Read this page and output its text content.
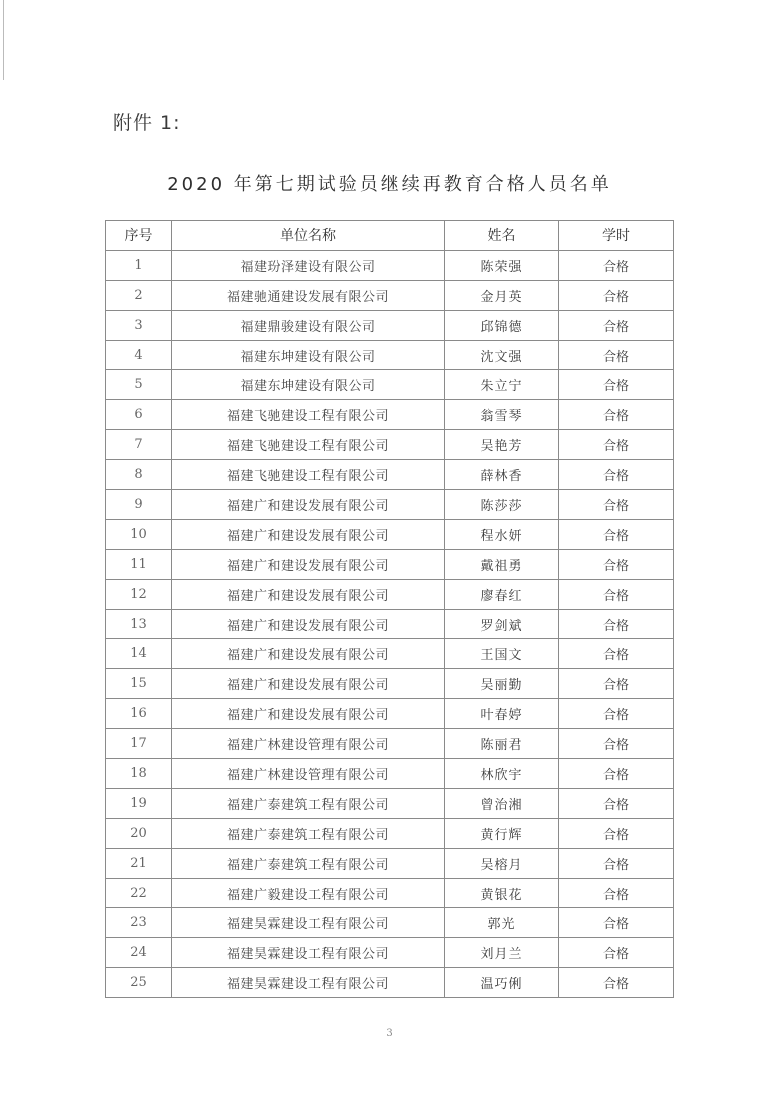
附件 1:
2020 年第七期试验员继续再教育合格人员名单
序号	单位名称	姓名	学时
1	福建玢泽建设有限公司	陈荣强	合格
2	福建驰通建设发展有限公司	金月英	合格
3	福建鼎骏建设有限公司	邱锦德	合格
4	福建东坤建设有限公司	沈文强	合格
5	福建东坤建设有限公司	朱立宁	合格
6	福建飞驰建设工程有限公司	翁雪琴	合格
7	福建飞驰建设工程有限公司	吴艳芳	合格
8	福建飞驰建设工程有限公司	薛林香	合格
9	福建广和建设发展有限公司	陈莎莎	合格
10	福建广和建设发展有限公司	程水妍	合格
11	福建广和建设发展有限公司	戴祖勇	合格
12	福建广和建设发展有限公司	廖春红	合格
13	福建广和建设发展有限公司	罗剑斌	合格
14	福建广和建设发展有限公司	王国文	合格
15	福建广和建设发展有限公司	吴丽勤	合格
16	福建广和建设发展有限公司	叶春婷	合格
17	福建广林建设管理有限公司	陈丽君	合格
18	福建广林建设管理有限公司	林欣宇	合格
19	福建广泰建筑工程有限公司	曾治湘	合格
20	福建广泰建筑工程有限公司	黄行辉	合格
21	福建广泰建筑工程有限公司	吴榕月	合格
22	福建广毅建设工程有限公司	黄银花	合格
23	福建昊霖建设工程有限公司	郭光	合格
24	福建昊霖建设工程有限公司	刘月兰	合格
25	福建昊霖建设工程有限公司	温巧俐	合格
3
